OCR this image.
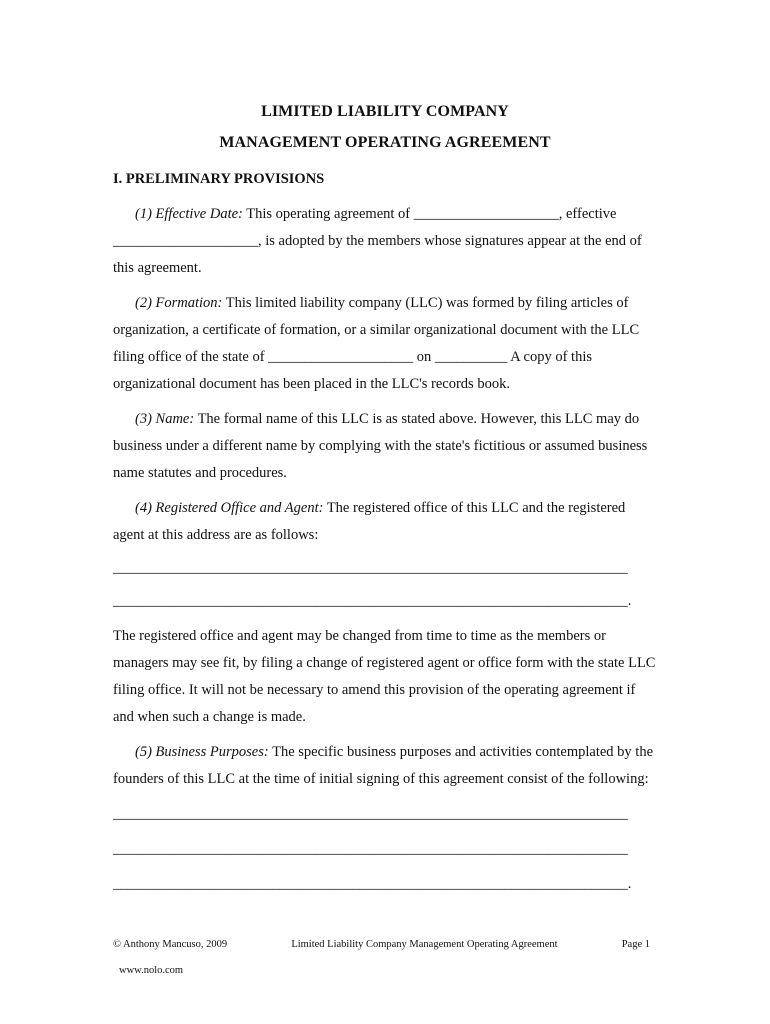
LIMITED LIABILITY COMPANY
MANAGEMENT OPERATING AGREEMENT
I. PRELIMINARY PROVISIONS

(1) Effective Date: This operating agreement of ____________________, effective ____________________, is adopted by the members whose signatures appear at the end of this agreement.

(2) Formation: This limited liability company (LLC) was formed by filing articles of organization, a certificate of formation, or a similar organizational document with the LLC filing office of the state of ____________________ on __________ A copy of this organizational document has been placed in the LLC's records book.

(3) Name: The formal name of this LLC is as stated above. However, this LLC may do business under a different name by complying with the state's fictitious or assumed business name statutes and procedures.

(4) Registered Office and Agent: The registered office of this LLC and the registered agent at this address are as follows:
_______________________________________________________________________
_______________________________________________________________________.

The registered office and agent may be changed from time to time as the members or managers may see fit, by filing a change of registered agent or office form with the state LLC filing office. It will not be necessary to amend this provision of the operating agreement if and when such a change is made.

(5) Business Purposes: The specific business purposes and activities contemplated by the founders of this LLC at the time of initial signing of this agreement consist of the following:
_______________________________________________________________________
_______________________________________________________________________
_______________________________________________________________________.

© Anthony Mancuso, 2009	Limited Liability Company Management Operating Agreement	Page 1
www.nolo.com
